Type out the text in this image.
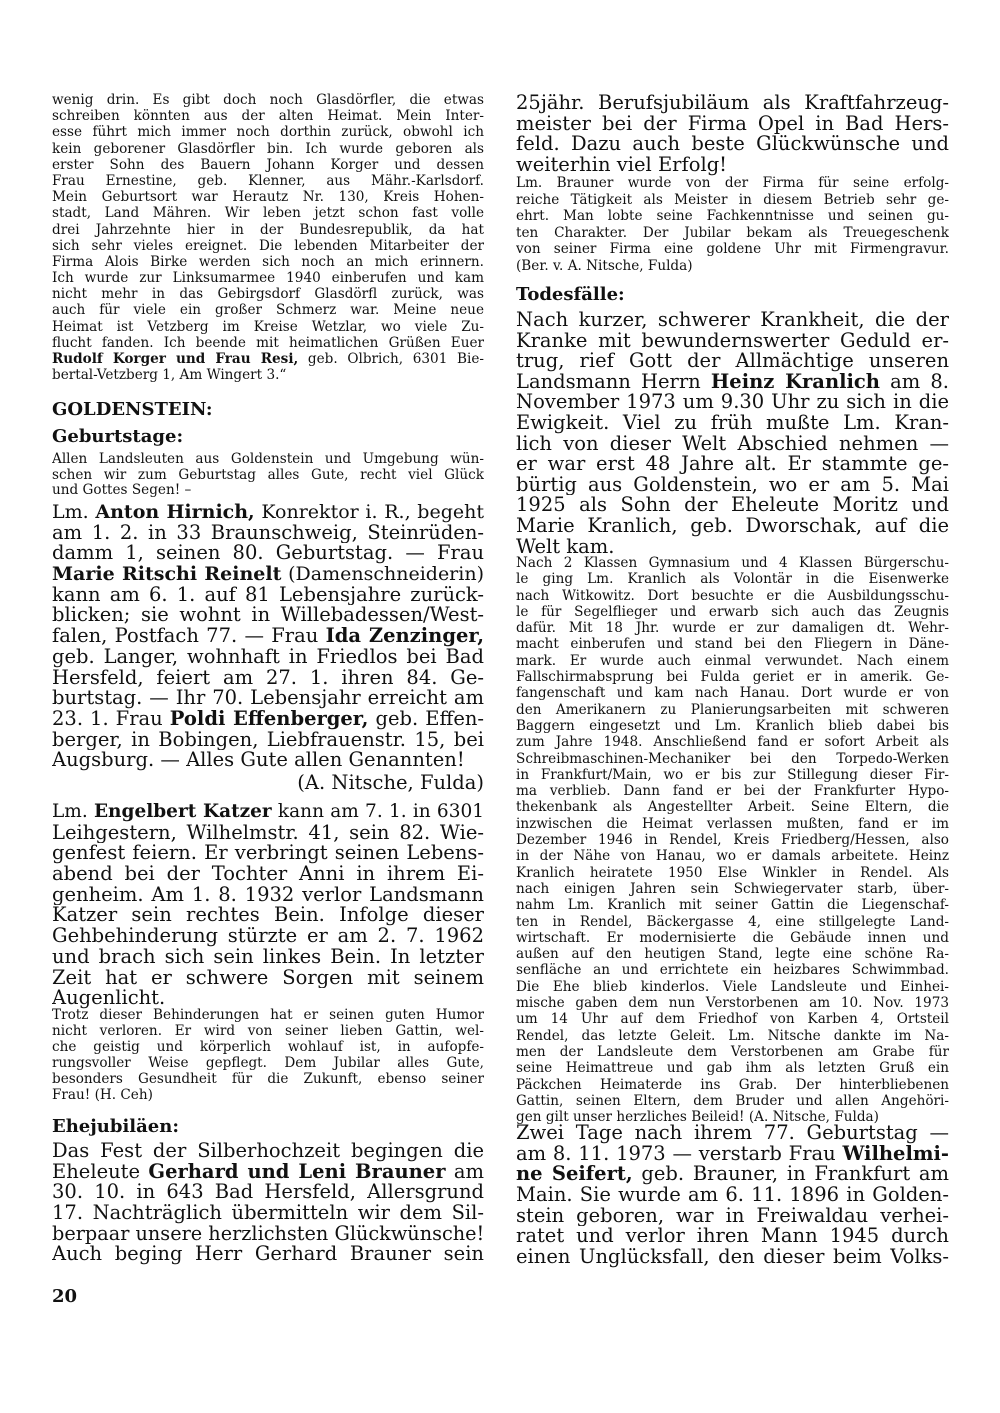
wenig drin. Es gibt doch noch Glasdörfler, die etwas
schreiben könnten aus der alten Heimat. Mein Inter-
esse führt mich immer noch dorthin zurück, obwohl ich
kein geborener Glasdörfler bin. Ich wurde geboren als
erster Sohn des Bauern Johann Korger und dessen
Frau Ernestine, geb. Klenner, aus Mähr.-Karlsdorf.
Mein Geburtsort war Herautz Nr. 130, Kreis Hohen-
stadt, Land Mähren. Wir leben jetzt schon fast volle
drei Jahrzehnte hier in der Bundesrepublik, da hat
sich sehr vieles ereignet. Die lebenden Mitarbeiter der
Firma Alois Birke werden sich noch an mich erinnern.
Ich wurde zur Linksumarmee 1940 einberufen und kam
nicht mehr in das Gebirgsdorf Glasdörfl zurück, was
auch für viele ein großer Schmerz war. Meine neue
Heimat ist Vetzberg im Kreise Wetzlar, wo viele Zu-
flucht fanden. Ich beende mit heimatlichen Grüßen Euer
Rudolf Korger und Frau Resi, geb. Olbrich, 6301 Bie-
bertal-Vetzberg 1, Am Wingert 3.“
GOLDENSTEIN:
Geburtstage:
Allen Landsleuten aus Goldenstein und Umgebung wün-
schen wir zum Geburtstag alles Gute, recht viel Glück
und Gottes Segen! –
Lm. Anton Hirnich, Konrektor i. R., begeht
am 1. 2. in 33 Braunschweig, Steinrüden-
damm 1, seinen 80. Geburtstag. — Frau
Marie Ritschi Reinelt (Damenschneiderin)
kann am 6. 1. auf 81 Lebensjahre zurück-
blicken; sie wohnt in Willebadessen/West-
falen, Postfach 77. — Frau Ida Zenzinger,
geb. Langer, wohnhaft in Friedlos bei Bad
Hersfeld, feiert am 27. 1. ihren 84. Ge-
burtstag. — Ihr 70. Lebensjahr erreicht am
23. 1. Frau Poldi Effenberger, geb. Effen-
berger, in Bobingen, Liebfrauenstr. 15, bei
Augsburg. — Alles Gute allen Genannten!
(A. Nitsche, Fulda)
Lm. Engelbert Katzer kann am 7. 1. in 6301
Leihgestern, Wilhelmstr. 41, sein 82. Wie-
genfest feiern. Er verbringt seinen Lebens-
abend bei der Tochter Anni in ihrem Ei-
genheim. Am 1. 8. 1932 verlor Landsmann
Katzer sein rechtes Bein. Infolge dieser
Gehbehinderung stürzte er am 2. 7. 1962
und brach sich sein linkes Bein. In letzter
Zeit hat er schwere Sorgen mit seinem
Augenlicht.
Trotz dieser Behinderungen hat er seinen guten Humor
nicht verloren. Er wird von seiner lieben Gattin, wel-
che geistig und körperlich wohlauf ist, in aufopfe-
rungsvoller Weise gepflegt. Dem Jubilar alles Gute,
besonders Gesundheit für die Zukunft, ebenso seiner
Frau! (H. Ceh)
Ehejubiläen:
Das Fest der Silberhochzeit begingen die
Eheleute Gerhard und Leni Brauner am
30. 10. in 643 Bad Hersfeld, Allersgrund
17. Nachträglich übermitteln wir dem Sil-
berpaar unsere herzlichsten Glückwünsche!
Auch beging Herr Gerhard Brauner sein
20
25jähr. Berufsjubiläum als Kraftfahrzeug-
meister bei der Firma Opel in Bad Hers-
feld. Dazu auch beste Glückwünsche und
weiterhin viel Erfolg!
Lm. Brauner wurde von der Firma für seine erfolg-
reiche Tätigkeit als Meister in diesem Betrieb sehr ge-
ehrt. Man lobte seine Fachkenntnisse und seinen gu-
ten Charakter. Der Jubilar bekam als Treuegeschenk
von seiner Firma eine goldene Uhr mit Firmengravur.
(Ber. v. A. Nitsche, Fulda)
Todesfälle:
Nach kurzer, schwerer Krankheit, die der
Kranke mit bewundernswerter Geduld er-
trug, rief Gott der Allmächtige unseren
Landsmann Herrn Heinz Kranlich am 8.
November 1973 um 9.30 Uhr zu sich in die
Ewigkeit. Viel zu früh mußte Lm. Kran-
lich von dieser Welt Abschied nehmen —
er war erst 48 Jahre alt. Er stammte ge-
bürtig aus Goldenstein, wo er am 5. Mai
1925 als Sohn der Eheleute Moritz und
Marie Kranlich, geb. Dworschak, auf die
Welt kam.
Nach 2 Klassen Gymnasium und 4 Klassen Bürgerschu-
le ging Lm. Kranlich als Volontär in die Eisenwerke
nach Witkowitz. Dort besuchte er die Ausbildungsschu-
le für Segelflieger und erwarb sich auch das Zeugnis
dafür. Mit 18 Jhr. wurde er zur damaligen dt. Wehr-
macht einberufen und stand bei den Fliegern in Däne-
mark. Er wurde auch einmal verwundet. Nach einem
Fallschirmabsprung bei Fulda geriet er in amerik. Ge-
fangenschaft und kam nach Hanau. Dort wurde er von
den Amerikanern zu Planierungsarbeiten mit schweren
Baggern eingesetzt und Lm. Kranlich blieb dabei bis
zum Jahre 1948. Anschließend fand er sofort Arbeit als
Schreibmaschinen-Mechaniker bei den Torpedo-Werken
in Frankfurt/Main, wo er bis zur Stillegung dieser Fir-
ma verblieb. Dann fand er bei der Frankfurter Hypo-
thekenbank als Angestellter Arbeit. Seine Eltern, die
inzwischen die Heimat verlassen mußten, fand er im
Dezember 1946 in Rendel, Kreis Friedberg/Hessen, also
in der Nähe von Hanau, wo er damals arbeitete. Heinz
Kranlich heiratete 1950 Else Winkler in Rendel. Als
nach einigen Jahren sein Schwiegervater starb, über-
nahm Lm. Kranlich mit seiner Gattin die Liegenschaf-
ten in Rendel, Bäckergasse 4, eine stillgelegte Land-
wirtschaft. Er modernisierte die Gebäude innen und
außen auf den heutigen Stand, legte eine schöne Ra-
senfläche an und errichtete ein heizbares Schwimmbad.
Die Ehe blieb kinderlos. Viele Landsleute und Einhei-
mische gaben dem nun Verstorbenen am 10. Nov. 1973
um 14 Uhr auf dem Friedhof von Karben 4, Ortsteil
Rendel, das letzte Geleit. Lm. Nitsche dankte im Na-
men der Landsleute dem Verstorbenen am Grabe für
seine Heimattreue und gab ihm als letzten Gruß ein
Päckchen Heimaterde ins Grab. Der hinterbliebenen
Gattin, seinen Eltern, dem Bruder und allen Angehöri-
gen gilt unser herzliches Beileid! (A. Nitsche, Fulda)
Zwei Tage nach ihrem 77. Geburtstag —
am 8. 11. 1973 — verstarb Frau Wilhelmi-
ne Seifert, geb. Brauner, in Frankfurt am
Main. Sie wurde am 6. 11. 1896 in Golden-
stein geboren, war in Freiwaldau verhei-
ratet und verlor ihren Mann 1945 durch
einen Unglücksfall, den dieser beim Volks-
